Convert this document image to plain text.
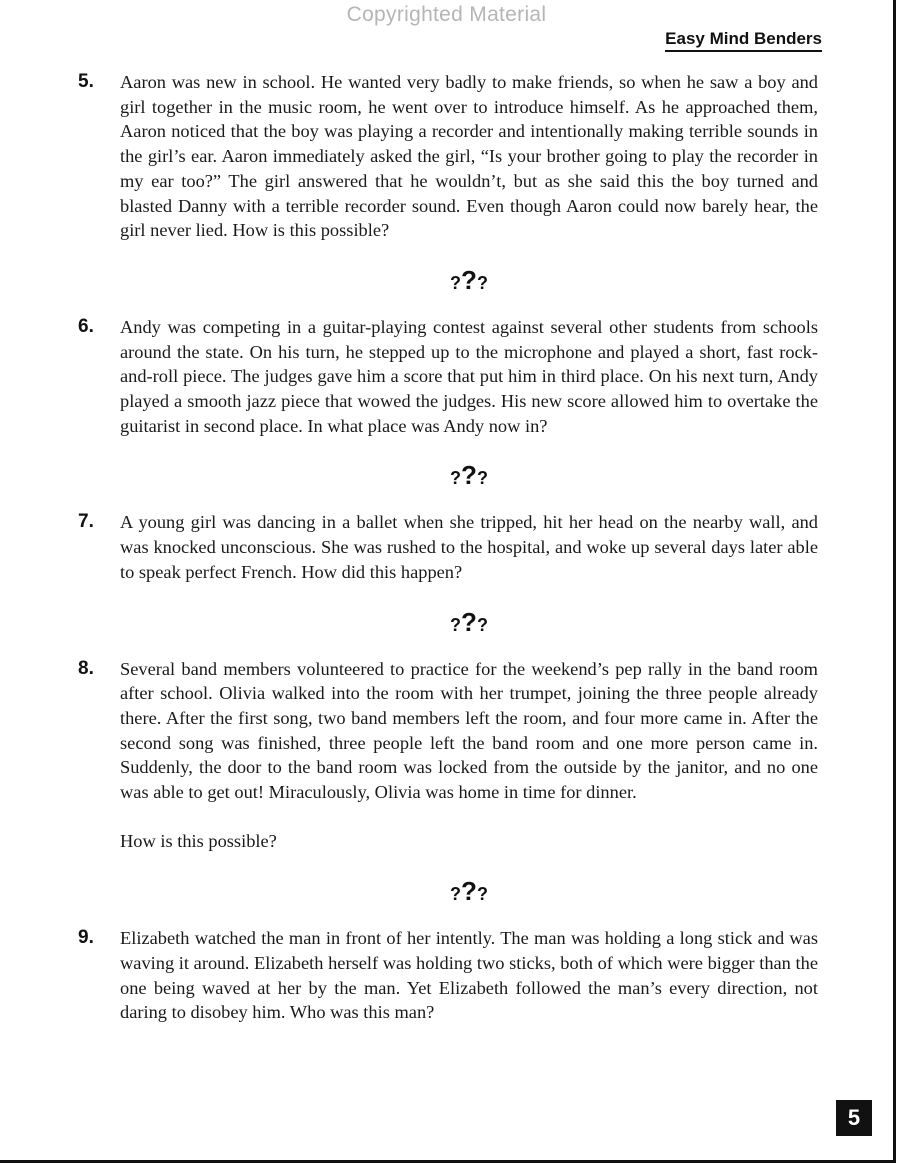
Copyrighted Material
Easy Mind Benders
5.	Aaron was new in school. He wanted very badly to make friends, so when he saw a boy and girl together in the music room, he went over to introduce himself. As he approached them, Aaron noticed that the boy was playing a recorder and intentionally making terrible sounds in the girl’s ear. Aaron immediately asked the girl, “Is your brother going to play the recorder in my ear too?” The girl answered that he wouldn’t, but as she said this the boy turned and blasted Danny with a terrible recorder sound. Even though Aaron could now barely hear, the girl never lied. How is this possible?

???
6.	Andy was competing in a guitar-playing contest against several other students from schools around the state. On his turn, he stepped up to the microphone and played a short, fast rock-and-roll piece. The judges gave him a score that put him in third place. On his next turn, Andy played a smooth jazz piece that wowed the judges. His new score allowed him to overtake the guitarist in second place. In what place was Andy now in?

???
7.	A young girl was dancing in a ballet when she tripped, hit her head on the nearby wall, and was knocked unconscious. She was rushed to the hospital, and woke up several days later able to speak perfect French. How did this happen?

???
8.	Several band members volunteered to practice for the weekend’s pep rally in the band room after school. Olivia walked into the room with her trumpet, joining the three people already there. After the first song, two band members left the room, and four more came in. After the second song was finished, three people left the band room and one more person came in. Suddenly, the door to the band room was locked from the outside by the janitor, and no one was able to get out! Miraculously, Olivia was home in time for dinner.

How is this possible?

???
9.	Elizabeth watched the man in front of her intently. The man was holding a long stick and was waving it around. Elizabeth herself was holding two sticks, both of which were bigger than the one being waved at her by the man. Yet Elizabeth followed the man’s every direction, not daring to disobey him. Who was this man?

5
